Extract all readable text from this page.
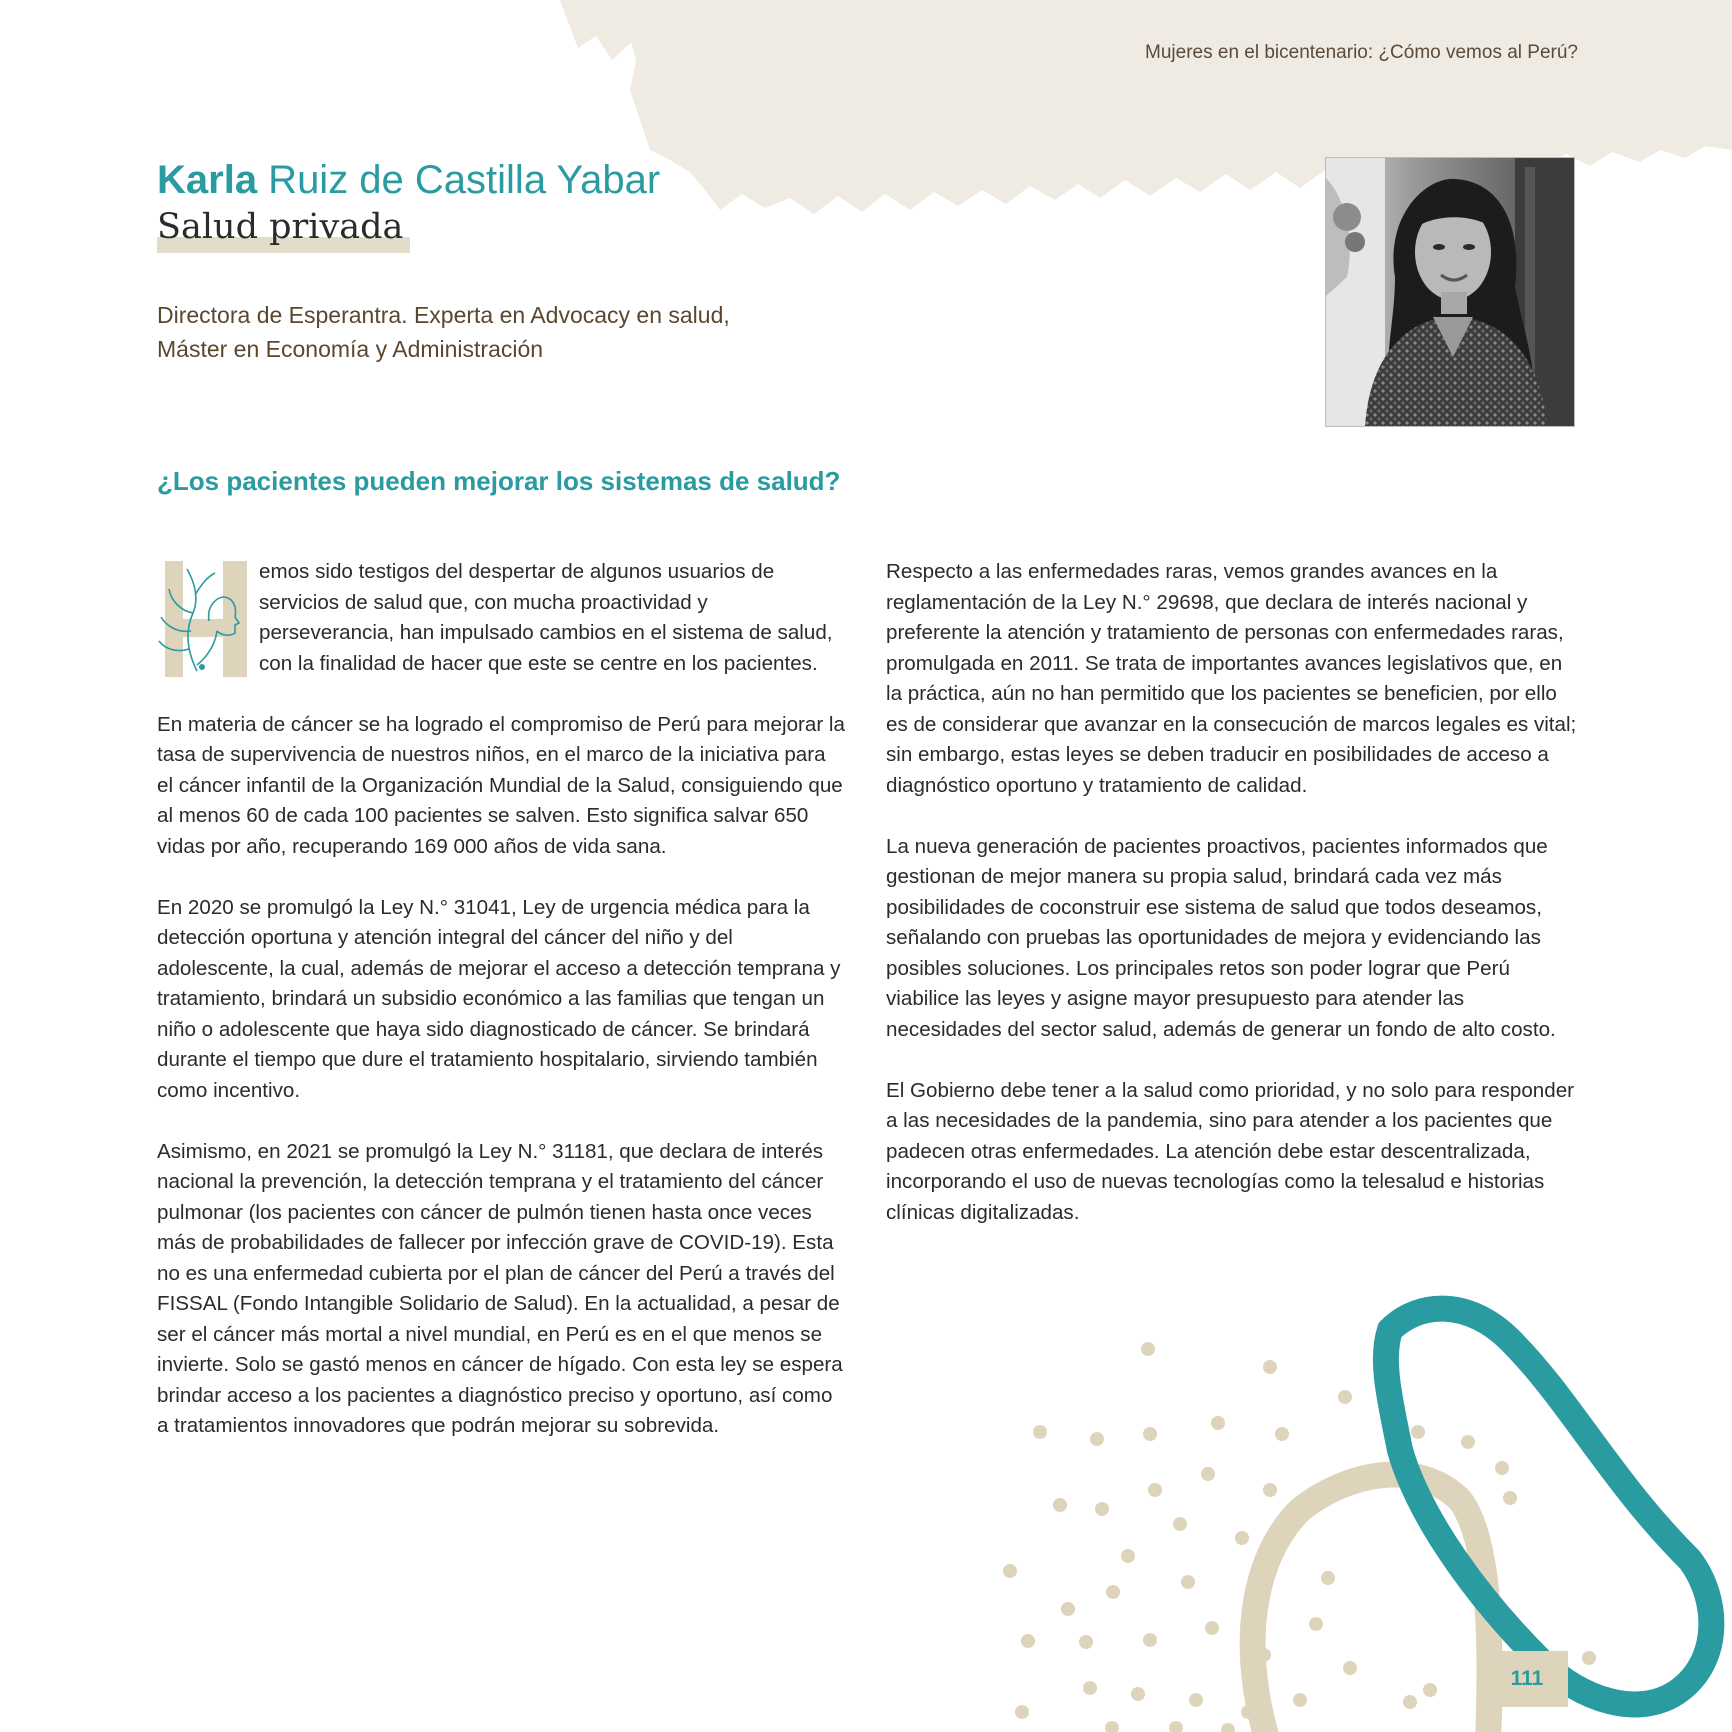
Mujeres en el bicentenario: ¿Cómo vemos al Perú?

Karla Ruiz de Castilla Yabar
Salud privada

Directora de Esperantra. Experta en Advocacy en salud,
Máster en Economía y Administración

¿Los pacientes pueden mejorar los sistemas de salud?

emos sido testigos del despertar de algunos usuarios de servicios de salud que, con mucha proactividad y perseverancia, han impulsado cambios en el sistema de salud, con la finalidad de hacer que este se centre en los pacientes.

En materia de cáncer se ha logrado el compromiso de Perú para mejorar la tasa de supervivencia de nuestros niños, en el marco de la iniciativa para el cáncer infantil de la Organización Mundial de la Salud, consiguiendo que al menos 60 de cada 100 pacientes se salven. Esto significa salvar 650 vidas por año, recuperando 169 000 años de vida sana.

En 2020 se promulgó la Ley N.° 31041, Ley de urgencia médica para la detección oportuna y atención integral del cáncer del niño y del adolescente, la cual, además de mejorar el acceso a detección temprana y tratamiento, brindará un subsidio económico a las familias que tengan un niño o adolescente que haya sido diagnosticado de cáncer. Se brindará durante el tiempo que dure el tratamiento hospitalario, sirviendo también como incentivo.

Asimismo, en 2021 se promulgó la Ley N.° 31181, que declara de interés nacional la prevención, la detección temprana y el tratamiento del cáncer pulmonar (los pacientes con cáncer de pulmón tienen hasta once veces más de probabilidades de fallecer por infección grave de COVID-19). Esta no es una enfermedad cubierta por el plan de cáncer del Perú a través del FISSAL (Fondo Intangible Solidario de Salud). En la actualidad, a pesar de ser el cáncer más mortal a nivel mundial, en Perú es en el que menos se invierte. Solo se gastó menos en cáncer de hígado. Con esta ley se espera brindar acceso a los pacientes a diagnóstico preciso y oportuno, así como a tratamientos innovadores que podrán mejorar su sobrevida.

Respecto a las enfermedades raras, vemos grandes avances en la reglamentación de la Ley N.° 29698, que declara de interés nacional y preferente la atención y tratamiento de personas con enfermedades raras, promulgada en 2011. Se trata de importantes avances legislativos que, en la práctica, aún no han permitido que los pacientes se beneficien, por ello es de considerar que avanzar en la consecución de marcos legales es vital; sin embargo, estas leyes se deben traducir en posibilidades de acceso a diagnóstico oportuno y tratamiento de calidad.

La nueva generación de pacientes proactivos, pacientes informados que gestionan de mejor manera su propia salud, brindará cada vez más posibilidades de coconstruir ese sistema de salud que todos deseamos, señalando con pruebas las oportunidades de mejora y evidenciando las posibles soluciones. Los principales retos son poder lograr que Perú viabilice las leyes y asigne mayor presupuesto para atender las necesidades del sector salud, además de generar un fondo de alto costo.

El Gobierno debe tener a la salud como prioridad, y no solo para responder a las necesidades de la pandemia, sino para atender a los pacientes que padecen otras enfermedades. La atención debe estar descentralizada, incorporando el uso de nuevas tecnologías como la telesalud e historias clínicas digitalizadas.

111
